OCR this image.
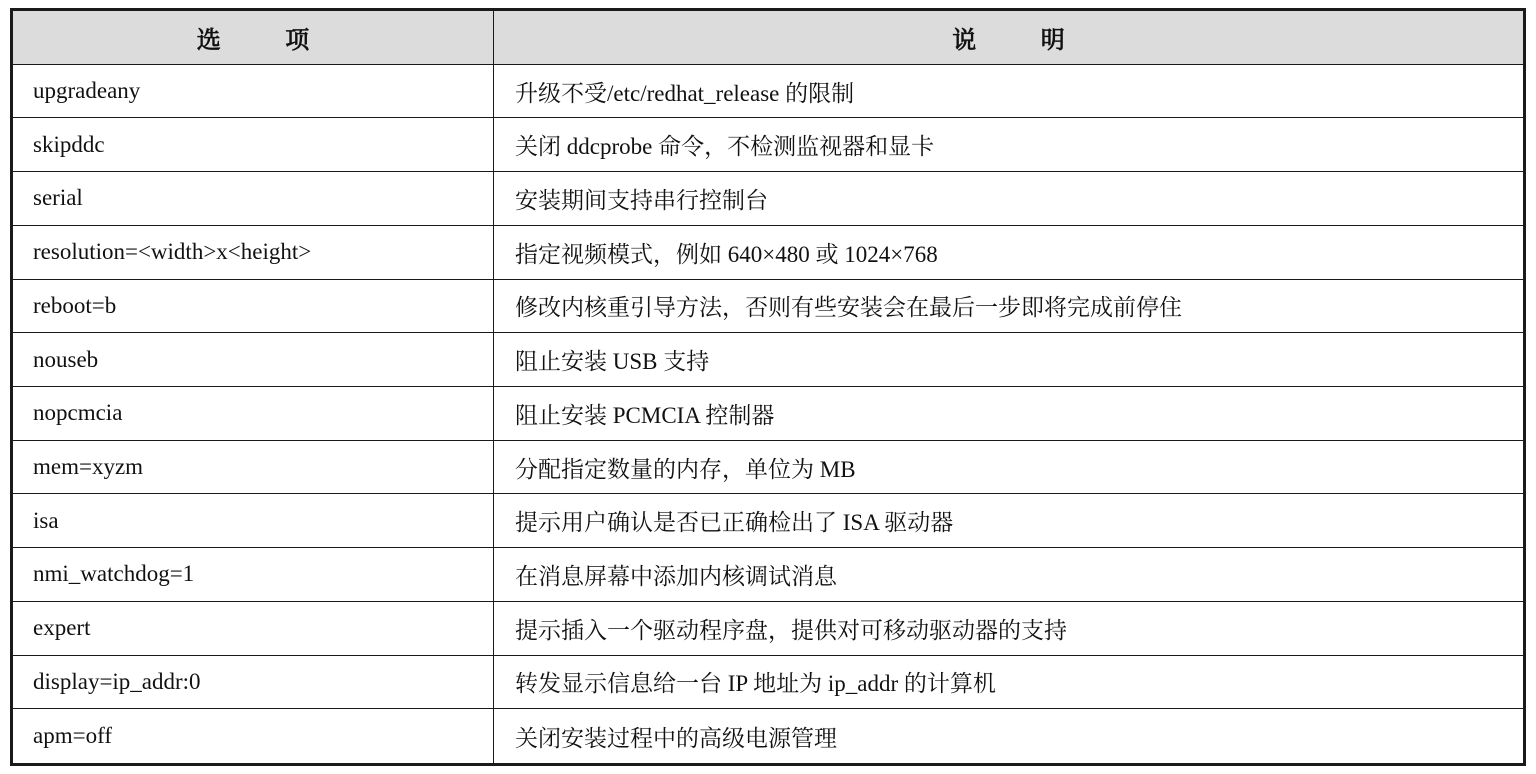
选      项	说      明
upgradeany	升级不受/etc/redhat_release 的限制
skipddc	关闭 ddcprobe 命令，不检测监视器和显卡
serial	安装期间支持串行控制台
resolution=<width>x<height>	指定视频模式，例如 640×480 或 1024×768
reboot=b	修改内核重引导方法，否则有些安装会在最后一步即将完成前停住
nouseb	阻止安装 USB 支持
nopcmcia	阻止安装 PCMCIA 控制器
mem=xyzm	分配指定数量的内存，单位为 MB
isa	提示用户确认是否已正确检出了 ISA 驱动器
nmi_watchdog=1	在消息屏幕中添加内核调试消息
expert	提示插入一个驱动程序盘，提供对可移动驱动器的支持
display=ip_addr:0	转发显示信息给一台 IP 地址为 ip_addr 的计算机
apm=off	关闭安装过程中的高级电源管理
